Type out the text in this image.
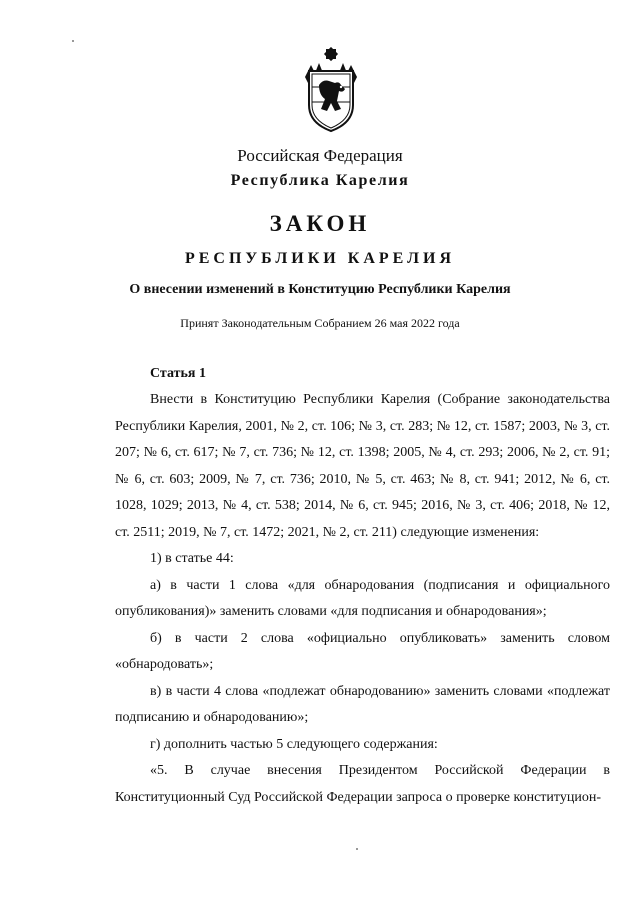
Российская Федерация
Республика Карелия
ЗАКОН
РЕСПУБЛИКИ КАРЕЛИЯ
О внесении изменений в Конституцию Республики Карелия
Принят Законодательным Собранием 26 мая 2022 года
Статья 1

Внести в Конституцию Республики Карелия (Собрание законодательства Республики Карелия, 2001, № 2, ст. 106; № 3, ст. 283; № 12, ст. 1587; 2003, № 3, ст. 207; № 6, ст. 617; № 7, ст. 736; № 12, ст. 1398; 2005, № 4, ст. 293; 2006, № 2, ст. 91; № 6, ст. 603; 2009, № 7, ст. 736; 2010, № 5, ст. 463; № 8, ст. 941; 2012, № 6, ст. 1028, 1029; 2013, № 4, ст. 538; 2014, № 6, ст. 945; 2016, № 3, ст. 406; 2018, № 12, ст. 2511; 2019, № 7, ст. 1472; 2021, № 2, ст. 211) следующие изменения:

1) в статье 44:

а) в части 1 слова «для обнародования (подписания и официального опубликования)» заменить словами «для подписания и обнародования»;

б) в части 2 слова «официально опубликовать» заменить словом «обнародовать»;

в) в части 4 слова «подлежат обнародованию» заменить словами «подлежат подписанию и обнародованию»;

г) дополнить частью 5 следующего содержания:

«5. В случае внесения Президентом Российской Федерации в Конституционный Суд Российской Федерации запроса о проверке конституцион-
